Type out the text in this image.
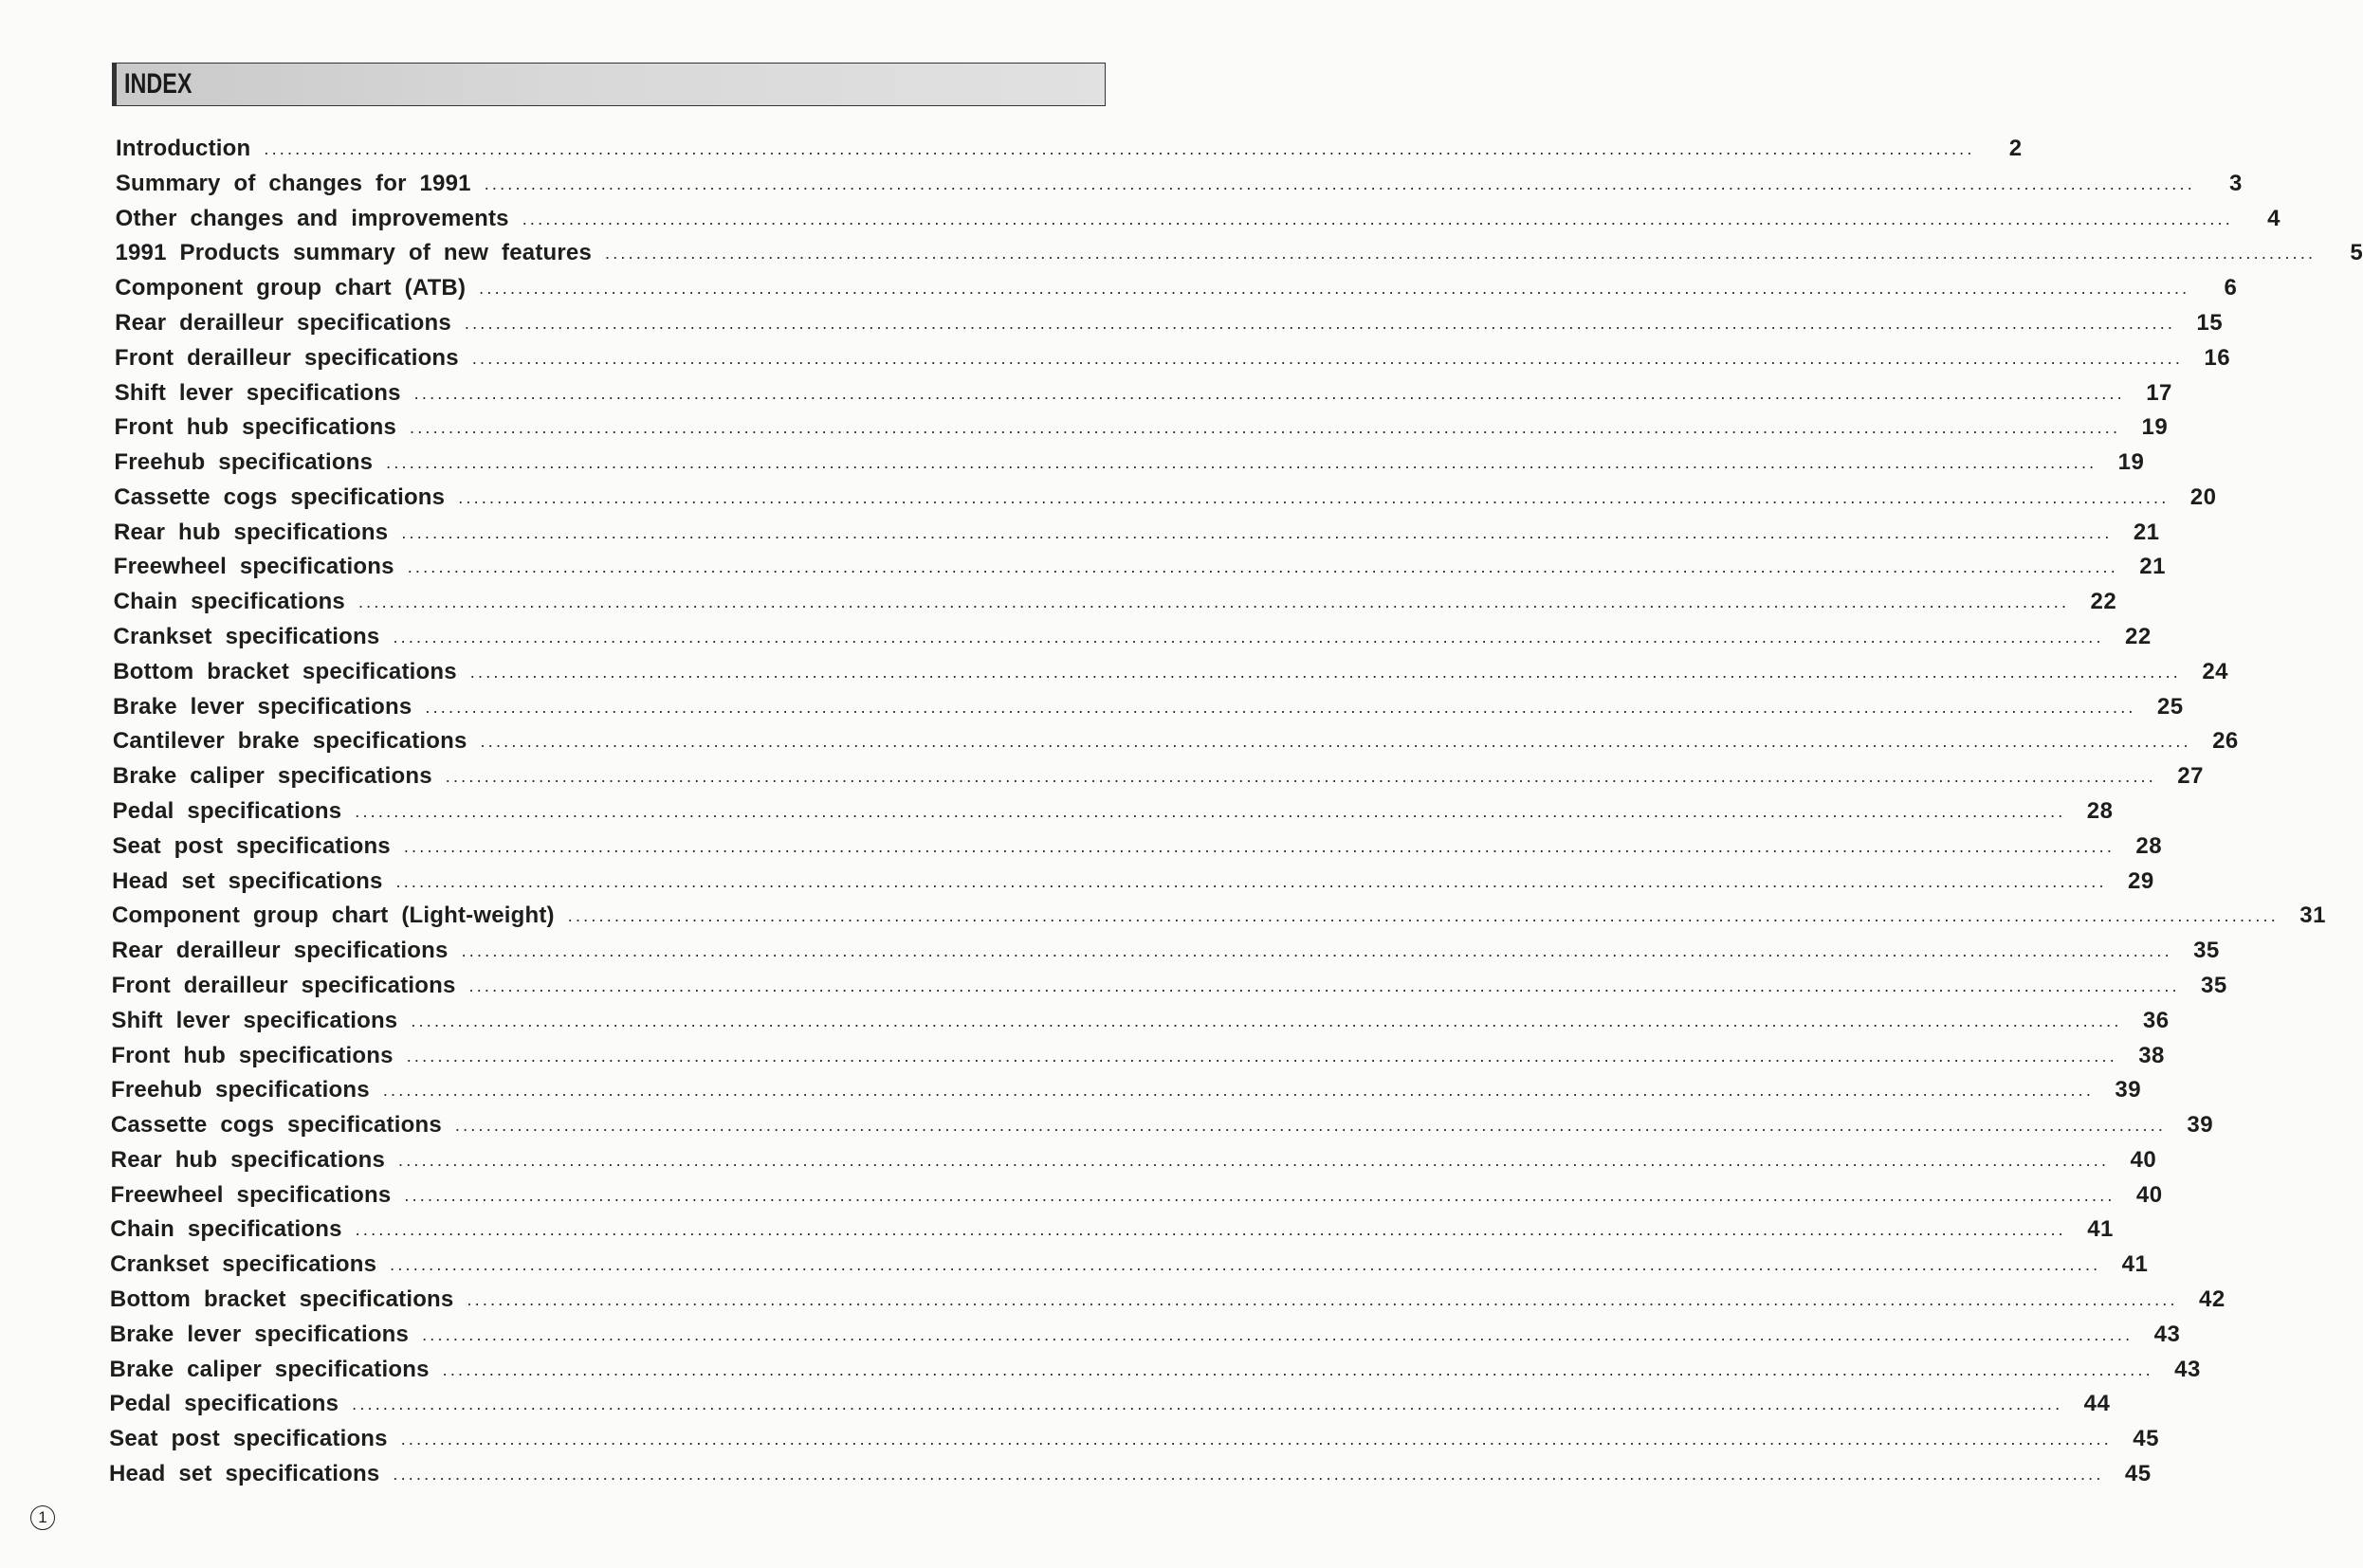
INDEX
Introduction ............................................................................................................................................................................................................................	2
Summary of changes for 1991 ............................................................................................................................................................................................................................	3
Other changes and improvements ............................................................................................................................................................................................................................	4
1991 Products summary of new features ............................................................................................................................................................................................................................	5
Component group chart (ATB) ............................................................................................................................................................................................................................	6
Rear derailleur specifications ............................................................................................................................................................................................................................ 15
Front derailleur specifications ............................................................................................................................................................................................................................ 16
Shift lever specifications ............................................................................................................................................................................................................................ 17
Front hub specifications ............................................................................................................................................................................................................................ 19
Freehub specifications ............................................................................................................................................................................................................................ 19
Cassette cogs specifications ............................................................................................................................................................................................................................ 20
Rear hub specifications ............................................................................................................................................................................................................................ 21
Freewheel specifications ............................................................................................................................................................................................................................ 21
Chain specifications ............................................................................................................................................................................................................................ 22
Crankset specifications ............................................................................................................................................................................................................................ 22
Bottom bracket specifications ............................................................................................................................................................................................................................ 24
Brake lever specifications ............................................................................................................................................................................................................................ 25
Cantilever brake specifications ............................................................................................................................................................................................................................ 26
Brake caliper specifications ............................................................................................................................................................................................................................ 27
Pedal specifications ............................................................................................................................................................................................................................ 28
Seat post specifications ............................................................................................................................................................................................................................ 28
Head set specifications ............................................................................................................................................................................................................................ 29
Component group chart (Light-weight) ............................................................................................................................................................................................................................ 31
Rear derailleur specifications ............................................................................................................................................................................................................................ 35
Front derailleur specifications ............................................................................................................................................................................................................................ 35
Shift lever specifications ............................................................................................................................................................................................................................ 36
Front hub specifications ............................................................................................................................................................................................................................ 38
Freehub specifications ............................................................................................................................................................................................................................ 39
Cassette cogs specifications ............................................................................................................................................................................................................................ 39
Rear hub specifications ............................................................................................................................................................................................................................ 40
Freewheel specifications ............................................................................................................................................................................................................................ 40
Chain specifications ............................................................................................................................................................................................................................ 41
Crankset specifications ............................................................................................................................................................................................................................ 41
Bottom bracket specifications ............................................................................................................................................................................................................................ 42
Brake lever specifications ............................................................................................................................................................................................................................ 43
Brake caliper specifications ............................................................................................................................................................................................................................ 43
Pedal specifications ............................................................................................................................................................................................................................ 44
Seat post specifications ............................................................................................................................................................................................................................ 45
Head set specifications ............................................................................................................................................................................................................................ 45
1
